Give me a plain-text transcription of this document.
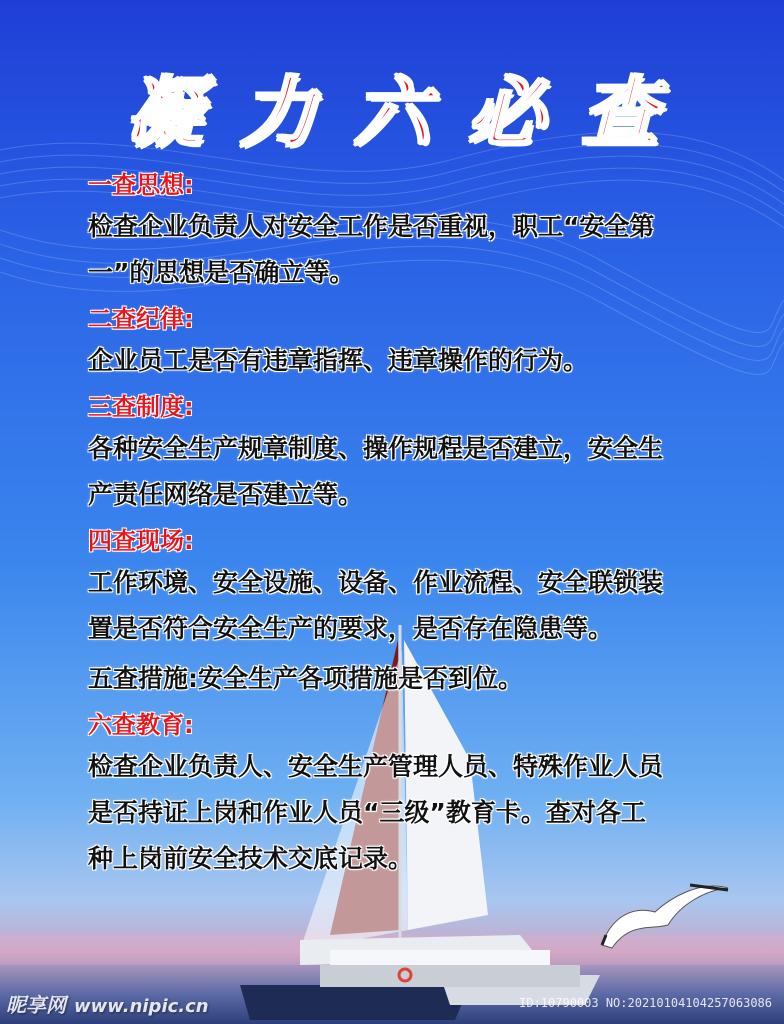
凝力六必查
一查思想:
检查企业负责人对安全工作是否重视，职工“安全第
一”的思想是否确立等。
二查纪律:
企业员工是否有违章指挥、违章操作的行为。
三查制度:
各种安全生产规章制度、操作规程是否建立，安全生
产责任网络是否建立等。
四查现场:
工作环境、安全设施、设备、作业流程、安全联锁装
置是否符合安全生产的要求，是否存在隐患等。
五查措施:安全生产各项措施是否到位。
六查教育:
检查企业负责人、安全生产管理人员、特殊作业人员
是否持证上岗和作业人员“三级”教育卡。查对各工
种上岗前安全技术交底记录。
昵享网 www.nipic.cn	ID:10790003 NO:20210104104257063086
